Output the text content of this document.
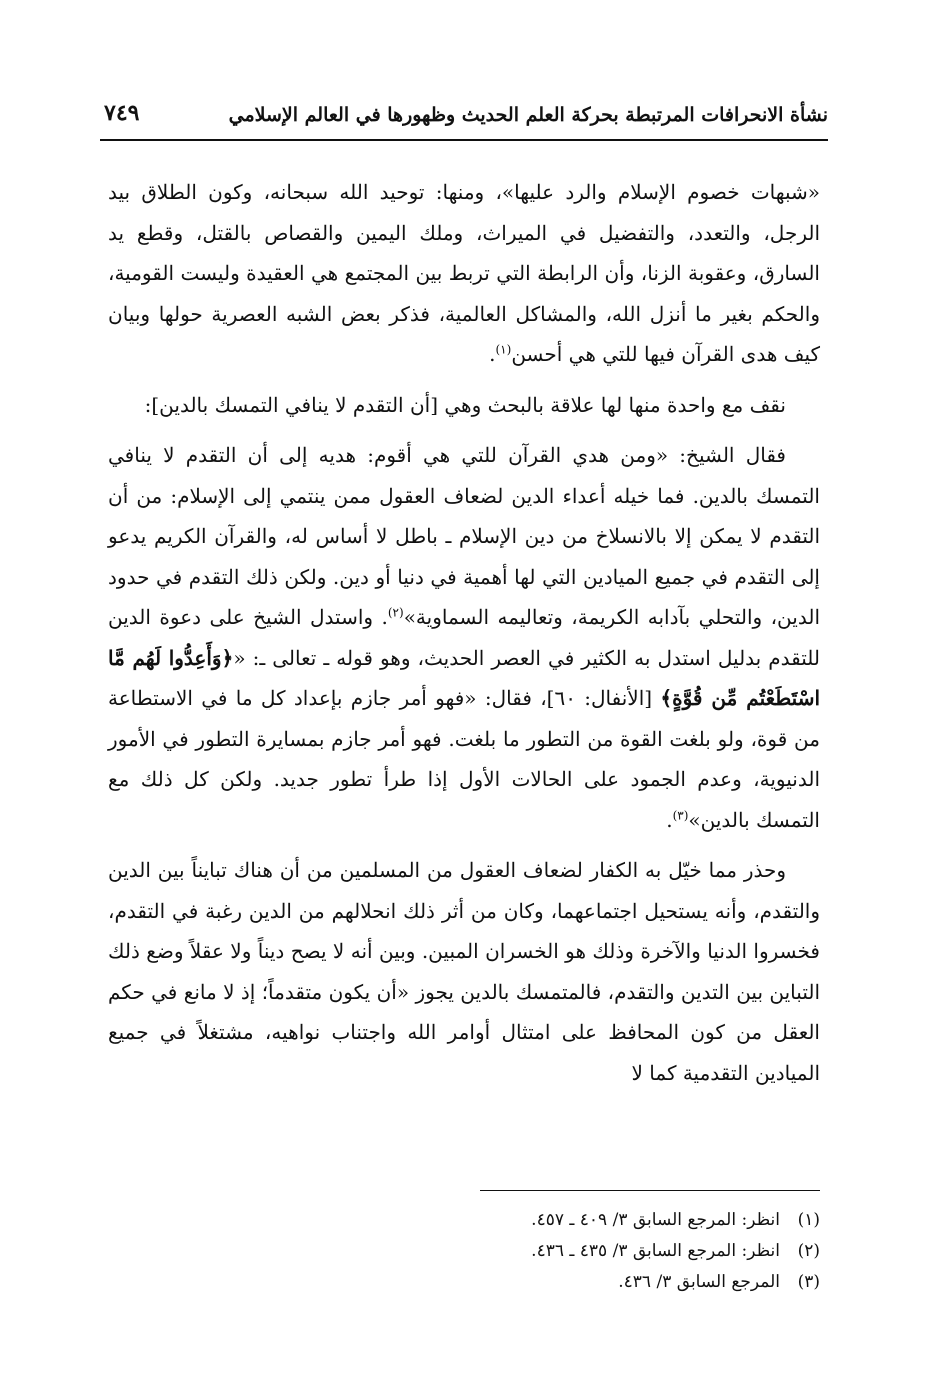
نشأة الانحرافات المرتبطة بحركة العلم الحديث وظهورها في العالم الإسلامي
٧٤٩

«شبهات خصوم الإسلام والرد عليها»، ومنها: توحيد الله سبحانه، وكون الطلاق بيد الرجل، والتعدد، والتفضيل في الميراث، وملك اليمين والقصاص بالقتل، وقطع يد السارق، وعقوبة الزنا، وأن الرابطة التي تربط بين المجتمع هي العقيدة وليست القومية، والحكم بغير ما أنزل الله، والمشاكل العالمية، فذكر بعض الشبه العصرية حولها وبيان كيف هدى القرآن فيها للتي هي أحسن$^{(١)}$.

نقف مع واحدة منها لها علاقة بالبحث وهي [أن التقدم لا ينافي التمسك بالدين]:

فقال الشيخ: «ومن هدي القرآن للتي هي أقوم: هديه إلى أن التقدم لا ينافي التمسك بالدين. فما خيله أعداء الدين لضعاف العقول ممن ينتمي إلى الإسلام: من أن التقدم لا يمكن إلا بالانسلاخ من دين الإسلام ـ باطل لا أساس له، والقرآن الكريم يدعو إلى التقدم في جميع الميادين التي لها أهمية في دنيا أو دين. ولكن ذلك التقدم في حدود الدين، والتحلي بآدابه الكريمة، وتعاليمه السماوية»$^{(٢)}$. واستدل الشيخ على دعوة الدين للتقدم بدليل استدل به الكثير في العصر الحديث، وهو قوله ـ تعالى ـ: «﴿وَأَعِدُّوا لَهُم مَّا اسْتَطَعْتُم مِّن قُوَّةٍ﴾ [الأنفال: ٦٠]، فقال: «فهو أمر جازم بإعداد كل ما في الاستطاعة من قوة، ولو بلغت القوة من التطور ما بلغت. فهو أمر جازم بمسايرة التطور في الأمور الدنيوية، وعدم الجمود على الحالات الأول إذا طرأ تطور جديد. ولكن كل ذلك مع التمسك بالدين»$^{(٣)}$.

وحذر مما خيّل به الكفار لضعاف العقول من المسلمين من أن هناك تبايناً بين الدين والتقدم، وأنه يستحيل اجتماعهما، وكان من أثر ذلك انحلالهم من الدين رغبة في التقدم، فخسروا الدنيا والآخرة وذلك هو الخسران المبين. وبين أنه لا يصح ديناً ولا عقلاً وضع ذلك التباين بين التدين والتقدم، فالمتمسك بالدين يجوز «أن يكون متقدماً؛ إذ لا مانع في حكم العقل من كون المحافظ على امتثال أوامر الله واجتناب نواهيه، مشتغلاً في جميع الميادين التقدمية كما لا

(١)انظر: المرجع السابق ٣/ ٤٠٩ ـ ٤٥٧.
(٢)انظر: المرجع السابق ٣/ ٤٣٥ ـ ٤٣٦.
(٣)المرجع السابق ٣/ ٤٣٦.
